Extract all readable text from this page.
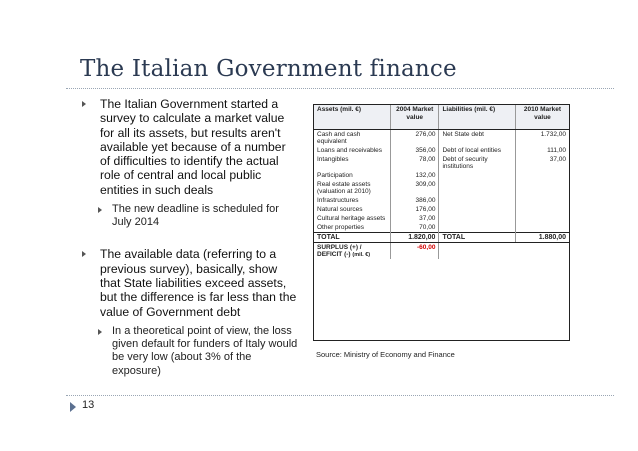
The Italian Government finance
The Italian Government started a survey to calculate a market value for all its assets, but results aren't available yet because of a number of difficulties to identify the actual role of central and local public entities in such deals
The new deadline is scheduled for July 2014
The available data (referring to a previous survey), basically, show that State liabilities exceed assets, but the difference is far less than the value of Government debt
In a theoretical point of view, the loss given default for funders of Italy would be very low (about 3% of the exposure)
Assets (mil. €)	2004 Market value	Liabilities (mil. €)	2010 Market value
Cash and cash equivalent	276,00	Net State debt	1.732,00
Loans and receivables	356,00	Debt of local entities	111,00
Intangibles	78,00	Debt of security institutions	37,00
Participation	132,00		
Real estate assets (valuation at 2010)	309,00		
Infrastructures	386,00		
Natural sources	176,00		
Cultural heritage assets	37,00		
Other properties	70,00		
TOTAL	1.820,00	TOTAL	1.880,00
SURPLUS (+) / DEFICIT (-) (mil. €)	-60,00		
Source: Ministry of Economy and Finance
13
